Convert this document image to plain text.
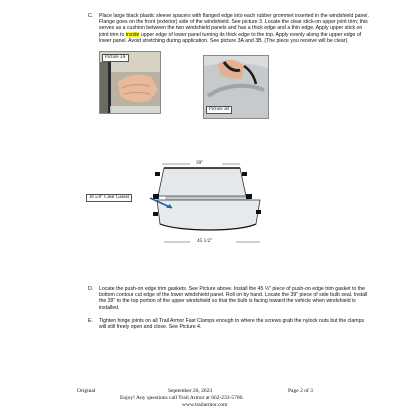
C. Place large black plastic sleeve spacers with flanged edge into each rubber grommet inserted in the windshield panel. Flange goes on the front (exterior) side of the windshield. See picture 3. Locate the clear stick-on upper joint trim; this serves as a cushion between the two windshield panels and has a thick edge and a thin edge. Apply upper stick on joint trim to inside upper edge of lower panel turning its thick edge to the top. Apply evenly along the upper edge of lower panel. Avoid stretching during application. See picture 3A and 3B. (The piece you receive will be clear).
Picture 3A
Picture 3B
39"
38 5/8" Clear Gasket
45 1/2"
D. Locate the push-on edge trim gaskets. See Picture above. Install the 45 ½" piece of push-on edge trim gasket to the bottom contour cut edge of the lower windshield panel. Roll on by hand. Locate the 39" piece of side bulb seal. Install the 39" to the top portion of the upper windshield so that the bulb is facing toward the vehicle when windshield is installed.
E. Tighten hinge joints on all Trail Armor Fast Clamps enough to where the screws grab the nylock nuts but the clamps will still freely open and close. See Picture 4.
Original	September 26, 2023	Page 2 of 3
Enjoy! Any questions call Trail Armor at 662-233-5700.
www.trailarmor.com
